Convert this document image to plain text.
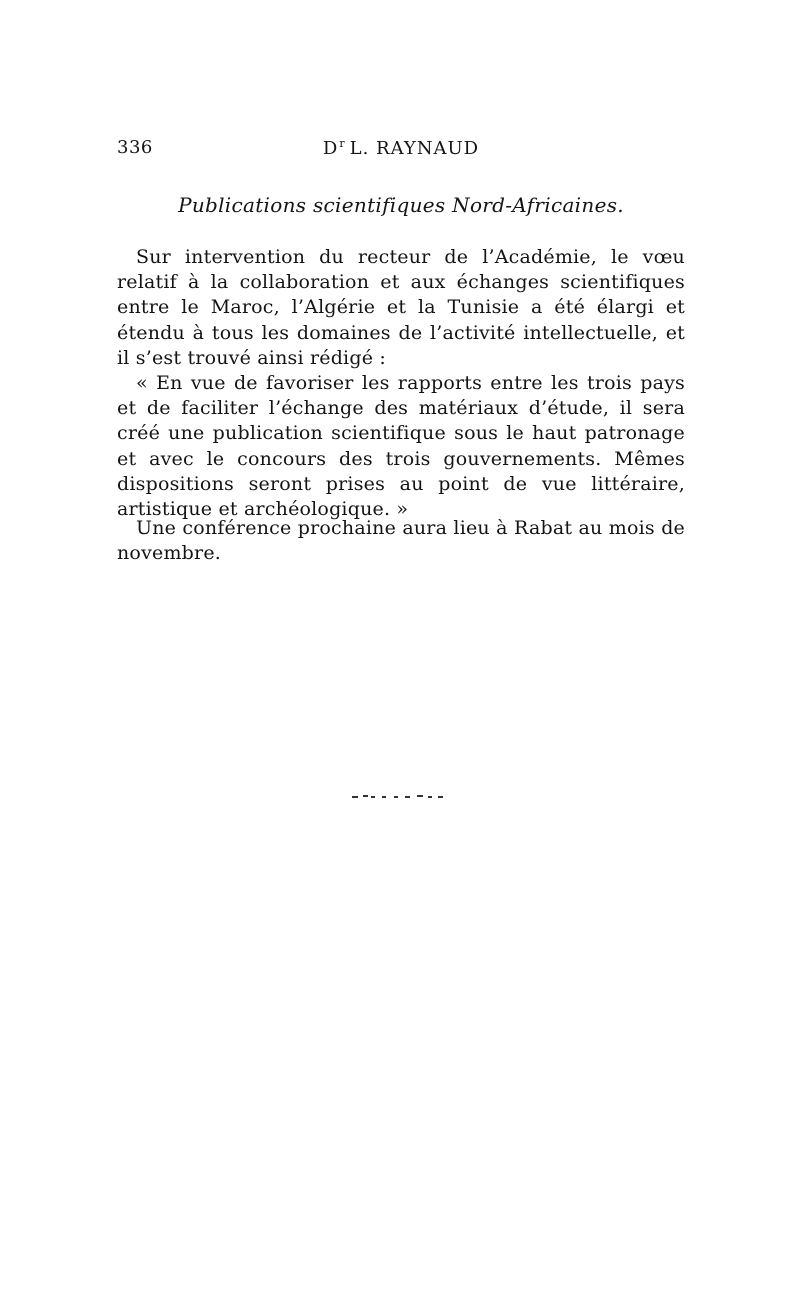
336	$D^r$ L. RAYNAUD
Publications scientifiques Nord-Africaines.

Sur intervention du recteur de l’Académie, le vœu relatif à la collaboration et aux échanges scientifiques entre le Maroc, l’Algérie et la Tunisie a été élargi et étendu à tous les domaines de l’activité intellectuelle, et il s’est trouvé ainsi rédigé :

« En vue de favoriser les rapports entre les trois pays et de faciliter l’échange des matériaux d’étude, il sera créé une publication scientifique sous le haut patronage et avec le concours des trois gouvernements. Mêmes dispositions seront prises au point de vue littéraire, artistique et archéologique. »

Une conférence prochaine aura lieu à Rabat au mois de novembre.
